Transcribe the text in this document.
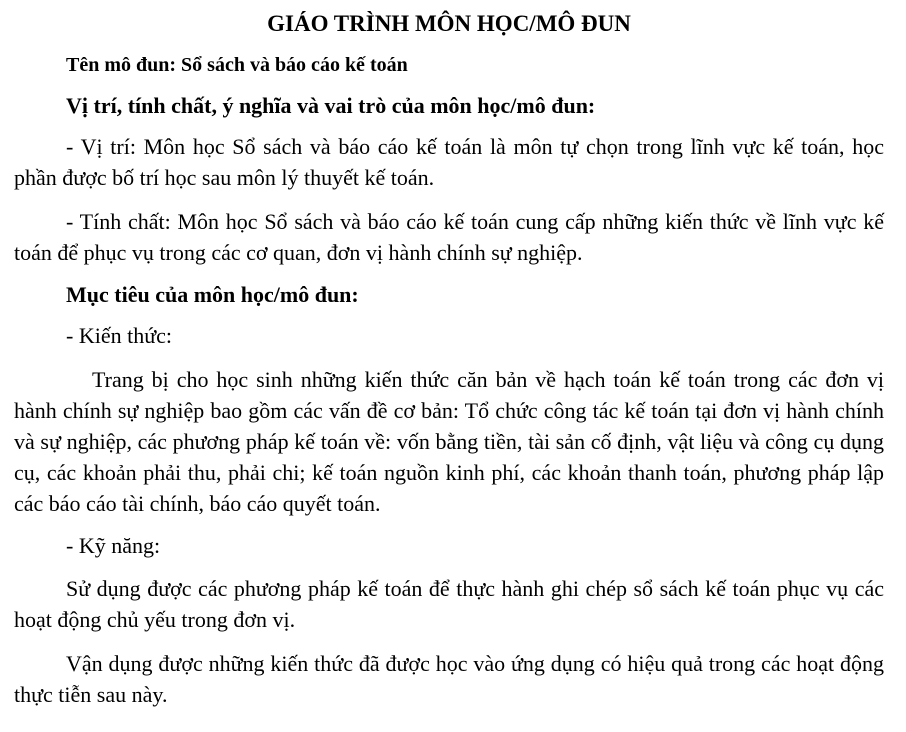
GIÁO TRÌNH MÔN HỌC/MÔ ĐUN

Tên mô đun: Sổ sách và báo cáo kế toán

Vị trí, tính chất, ý nghĩa và vai trò của môn học/mô đun:

- Vị trí: Môn học Sổ sách và báo cáo kế toán là môn tự chọn trong lĩnh vực kế toán, học phần được bố trí học sau môn lý thuyết kế toán.

- Tính chất: Môn học Sổ sách và báo cáo kế toán cung cấp những kiến thức về lĩnh vực kế toán để phục vụ trong các cơ quan, đơn vị hành chính sự nghiệp.

Mục tiêu của môn học/mô đun:

- Kiến thức:

Trang bị cho học sinh những kiến thức căn bản về hạch toán kế toán trong các đơn vị hành chính sự nghiệp bao gồm các vấn đề cơ bản: Tổ chức công tác kế toán tại đơn vị hành chính và sự nghiệp, các phương pháp kế toán về: vốn bằng tiền, tài sản cố định, vật liệu và công cụ dụng cụ, các khoản phải thu, phải chi; kế toán nguồn kinh phí, các khoản thanh toán, phương pháp lập các báo cáo tài chính, báo cáo quyết toán.

- Kỹ năng:

Sử dụng được các phương pháp kế toán để thực hành ghi chép sổ sách kế toán phục vụ các hoạt động chủ yếu trong đơn vị.

Vận dụng được những kiến thức đã được học vào ứng dụng có hiệu quả trong các hoạt động thực tiễn sau này.
